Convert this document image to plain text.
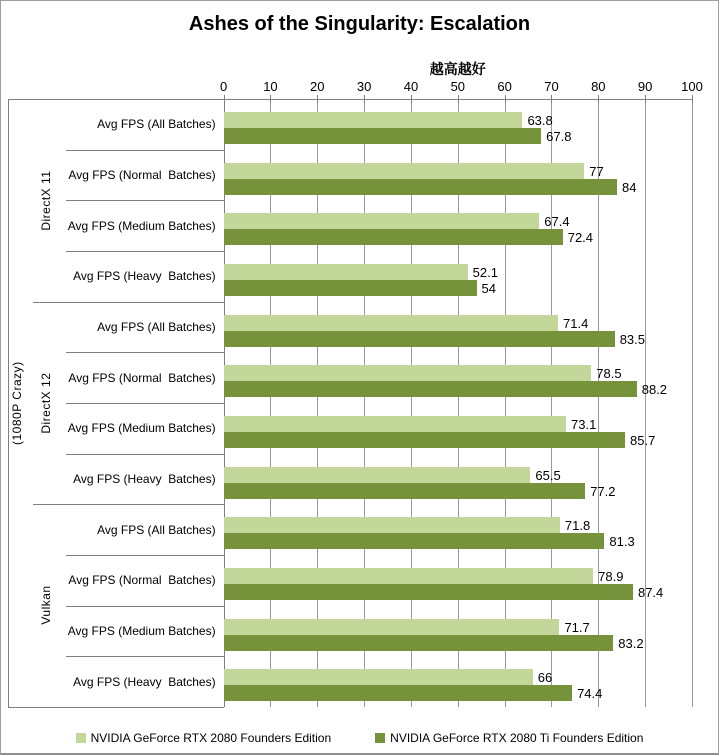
Ashes of the Singularity: Escalation
越高越好
0	10	20	30	40	50	60	70	80	90	100
Avg FPS (All Batches)	63.8
67.8
Avg FPS (Normal  Batches)	77
84
Avg FPS (Medium Batches)	67.4
72.4
Avg FPS (Heavy  Batches)	52.1
54
DirectX 11
Avg FPS (All Batches)	71.4
83.5
Avg FPS (Normal  Batches)	78.5
88.2
Avg FPS (Medium Batches)	73.1
85.7
Avg FPS (Heavy  Batches)	65.5
77.2
DirectX 12
Avg FPS (All Batches)	71.8
81.3
Avg FPS (Normal  Batches)	78.9
87.4
Avg FPS (Medium Batches)	71.7
83.2
Avg FPS (Heavy  Batches)	66
74.4
Vulkan
(1080P Crazy)
NVIDIA GeForce RTX 2080 Founders Edition	NVIDIA GeForce RTX 2080 Ti Founders Edition
